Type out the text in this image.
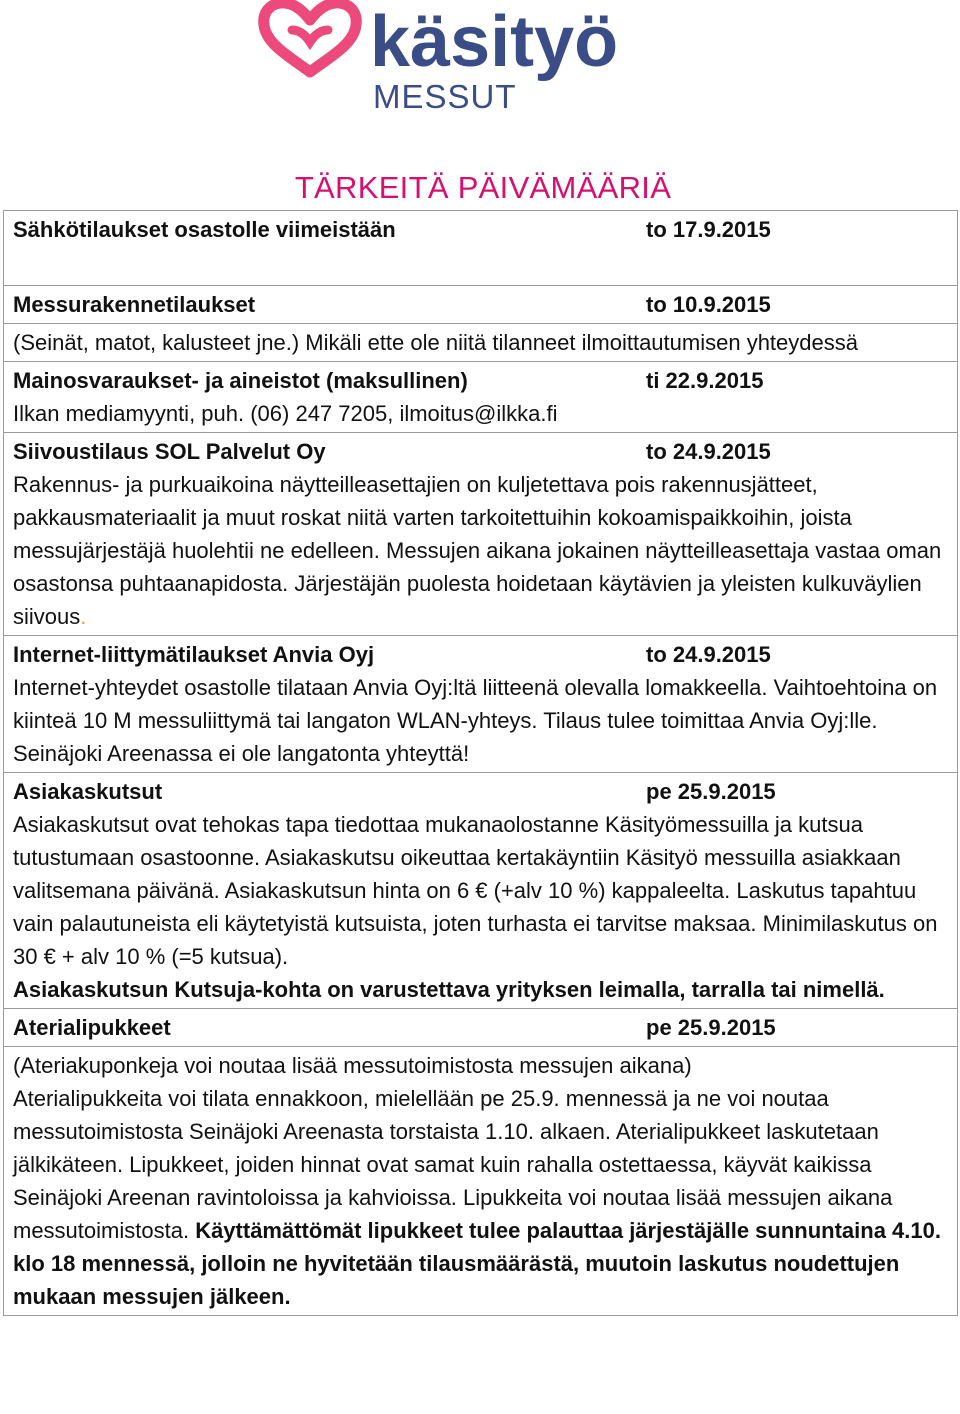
käsityö
MESSUT
TÄRKEITÄ PÄIVÄMÄÄRIÄ
Sähkötilaukset osastolle viimeistään	to 17.9.2015

Messurakennetilaukset	to 10.9.2015

(Seinät, matot, kalusteet jne.) Mikäli ette ole niitä tilanneet ilmoittautumisen yhteydessä

Mainosvaraukset- ja aineistot (maksullinen)	ti 22.9.2015
Ilkan mediamyynti, puh. (06) 247 7205, ilmoitus@ilkka.fi

Siivoustilaus SOL Palvelut Oy	to 24.9.2015
Rakennus- ja purkuaikoina näytteilleasettajien on kuljetettava pois rakennusjätteet, pakkausmateriaalit ja muut roskat niitä varten tarkoitettuihin kokoamispaikkoihin, joista messujärjestäjä huolehtii ne edelleen. Messujen aikana jokainen näytteilleasettaja vastaa oman osastonsa puhtaanapidosta. Järjestäjän puolesta hoidetaan käytävien ja yleisten kulkuväylien siivous.

Internet-liittymätilaukset Anvia Oyj	to 24.9.2015
Internet-yhteydet osastolle tilataan Anvia Oyj:ltä liitteenä olevalla lomakkeella. Vaihtoehtoina on kiinteä 10 M messuliittymä tai langaton WLAN-yhteys. Tilaus tulee toimittaa Anvia Oyj:lle. Seinäjoki Areenassa ei ole langatonta yhteyttä!

Asiakaskutsut	pe 25.9.2015
Asiakaskutsut ovat tehokas tapa tiedottaa mukanaolostanne Käsityömessuilla ja kutsua tutustumaan osastoonne. Asiakaskutsu oikeuttaa kertakäyntiin Käsityö messuilla asiakkaan valitsemana päivänä. Asiakaskutsun hinta on 6 € (+alv 10 %) kappaleelta. Laskutus tapahtuu vain palautuneista eli käytetyistä kutsuista, joten turhasta ei tarvitse maksaa. Minimilaskutus on 30 € + alv 10 % (=5 kutsua).
Asiakaskutsun Kutsuja-kohta on varustettava yrityksen leimalla, tarralla tai nimellä.

Aterialipukkeet	pe 25.9.2015

(Ateriakuponkeja voi noutaa lisää messutoimistosta messujen aikana)
Aterialipukkeita voi tilata ennakkoon, mielellään pe 25.9. mennessä ja ne voi noutaa messutoimistosta Seinäjoki Areenasta torstaista 1.10. alkaen. Aterialipukkeet laskutetaan jälkikäteen. Lipukkeet, joiden hinnat ovat samat kuin rahalla ostettaessa, käyvät kaikissa Seinäjoki Areenan ravintoloissa ja kahvioissa. Lipukkeita voi noutaa lisää messujen aikana messutoimistosta. Käyttämättömät lipukkeet tulee palauttaa järjestäjälle sunnuntaina 4.10. klo 18 mennessä, jolloin ne hyvitetään tilausmäärästä, muutoin laskutus noudettujen mukaan messujen jälkeen.
